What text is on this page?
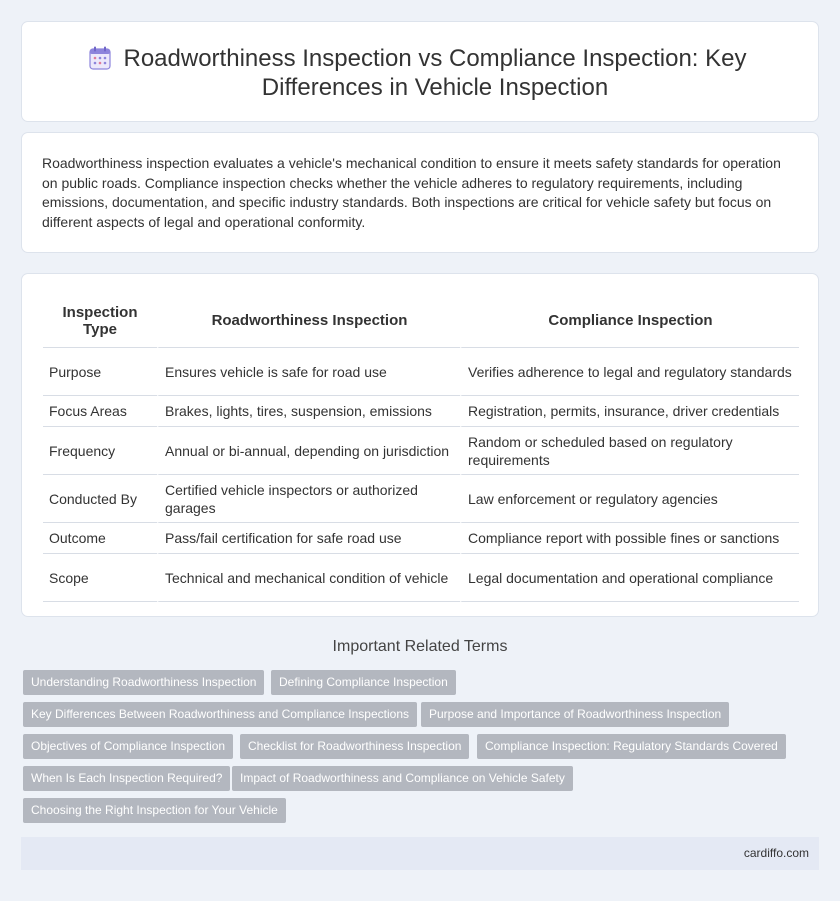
Roadworthiness Inspection vs Compliance Inspection: Key Differences in Vehicle Inspection
Roadworthiness inspection evaluates a vehicle's mechanical condition to ensure it meets safety standards for operation on public roads. Compliance inspection checks whether the vehicle adheres to regulatory requirements, including emissions, documentation, and specific industry standards. Both inspections are critical for vehicle safety but focus on different aspects of legal and operational conformity.
Inspection Type	Roadworthiness Inspection	Compliance Inspection
Purpose	Ensures vehicle is safe for road use	Verifies adherence to legal and regulatory standards
Focus Areas	Brakes, lights, tires, suspension, emissions	Registration, permits, insurance, driver credentials
Frequency	Annual or bi-annual, depending on jurisdiction	Random or scheduled based on regulatory requirements
Conducted By	Certified vehicle inspectors or authorized garages	Law enforcement or regulatory agencies
Outcome	Pass/fail certification for safe road use	Compliance report with possible fines or sanctions
Scope	Technical and mechanical condition of vehicle	Legal documentation and operational compliance
Important Related Terms
Understanding Roadworthiness Inspection	Defining Compliance Inspection
Key Differences Between Roadworthiness and Compliance Inspections	Purpose and Importance of Roadworthiness Inspection
Objectives of Compliance Inspection	Checklist for Roadworthiness Inspection	Compliance Inspection: Regulatory Standards Covered
When Is Each Inspection Required?	Impact of Roadworthiness and Compliance on Vehicle Safety
Choosing the Right Inspection for Your Vehicle
cardiffo.com
